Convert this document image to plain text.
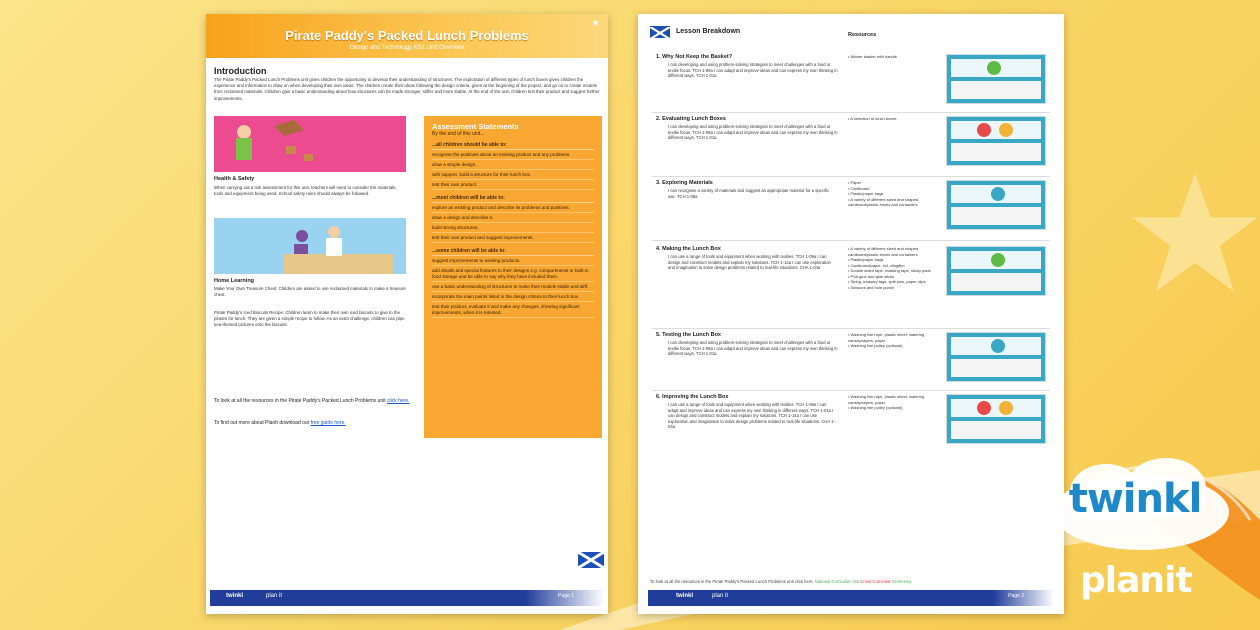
Pirate Paddy's Packed Lunch Problems
Design and Technology KS1 Unit Overview
★
Introduction
The Pirate Paddy's Packed Lunch Problems unit gives children the opportunity to develop their understanding of structures. The exploration of different types of lunch boxes gives children the experience and information to draw on when developing their own ideas. The children create their ideas following the design criteria, given at the beginning of the project, and go on to create models from reclaimed materials. Children gain a basic understanding about how structures can be made stronger, stiffer and more stable. At the end of the unit, children test their product and suggest further improvements.
Health & Safety
When carrying out a risk assessment for this unit, teachers will need to consider the materials, tools and equipment being used. School safety rules should always be followed.
Home Learning
Make Your Own Treasure Chest: Children are asked to use reclaimed materials to make a treasure chest.
Pirate Paddy's Iced Biscuits Recipe: Children learn to make their own iced biscuits to give to the pirates for lunch. They are given a simple recipe to follow. As an extra challenge, children can pipe sea-themed pictures onto the biscuits.
Assessment Statements
By the end of this unit...
...all children should be able to:
recognise the positives about an existing product and any problems.
draw a simple design.
with support, build a structure for their lunch box.
test their own product.
...most children will be able to:
explore an existing product and describe its problems and positives.
draw a design and describe it.
build strong structures.
test their own product and suggest improvements.
...some children will be able to:
suggest improvements to existing products.
add details and special features to their designs e.g. compartments or built-in food storage and be able to say why they have included them.
use a basic understanding of structures to make their models stable and stiff.
incorporate the main points listed in the design criteria to their lunch box.
test their product, evaluate it and make any changes, showing significant improvements, when it is retested.
To look at all the resources in the Pirate Paddy's Packed Lunch Problems unit click here.
To find out more about PlanIt download our free guide here.
twinkl	plan it	Page 1
Lesson Breakdown	Resources
1. Why Not Keep the Basket?
I can developing and using problem-solving strategies to meet challenges with a food or textile focus. TCH 1-09a I can adapt and improve ideas and can express my own thinking in different ways. TCH 1-01a
• Wicker basket with handle
2. Evaluating Lunch Boxes
I can developing and using problem-solving strategies to meet challenges with a food or textile focus. TCH 1-09a I can adapt and improve ideas and can express my own thinking in different ways. TCH 1-01a
• A selection of lunch boxes
3. Exploring Materials
I can recognise a variety of materials and suggest an appropriate material for a specific use. TCH 1-09a
• Paper
• Cardboard
• Plastic/paper bags
• A variety of different sized and shaped cardboard/plastic boxes and containers
4. Making the Lunch Box
I can use a range of tools and equipment when working with textiles. TCH 1-09a I can design and construct models and explain my solutions. TCH 1-14a I can use exploration and imagination to solve design problems related to real-life situations. CHA 1-04a
• A variety of different sized and shaped cardboard/plastic boxes and containers
• Plastic/paper bags
• Cardboard/paper, foil, clingfilm
• Double sided tape, masking tape, sticky pads
• PVA glue and glue sticks
• String, treasury tags, split pins, paper clips
• Scissors and hole punch
5. Testing the Lunch Box
I can developing and using problem-solving strategies to meet challenges with a food or textile focus. TCH 1-09a I can adapt and improve ideas and can express my own thinking in different ways. TCH 1-01a
• Washing line rope, plastic sheet, watering cans/sprayers, paper
• Washing line pulley (optional)
6. Improving the Lunch Box
I can use a range of tools and equipment when working with textiles. TCH 1-09a I can adapt and improve ideas and can express my own thinking in different ways. TCH 1-01a I can design and construct models and explain my solutions. TCH 1-14a I can use exploration and imagination to solve design problems related to real-life situations. CHA 1-04a
• Washing line rope, plastic sheet, watering cans/sprayers, paper
• Washing line pulley (optional)
To look at all the resources in the Pirate Paddy's Packed Lunch Problems unit click here. National Curriculum link Cross-Curricular Cross-Key
twinkl	plan it	Page 2
twinkl
planit
